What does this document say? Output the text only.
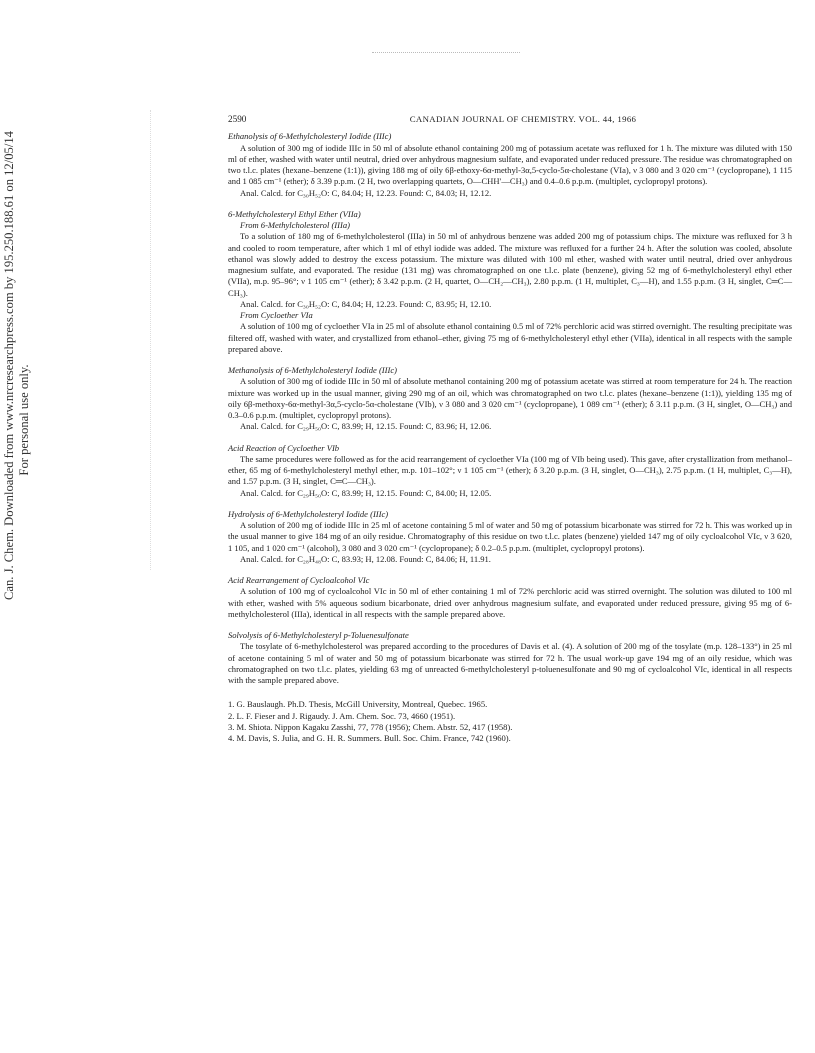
Can. J. Chem. Downloaded from www.nrcresearchpress.com by 195.250.188.61 on 12/05/14 For personal use only.
2590	CANADIAN JOURNAL OF CHEMISTRY. VOL. 44, 1966
Ethanolysis of 6-Methylcholesteryl Iodide (IIIc)

A solution of 300 mg of iodide IIIc in 50 ml of absolute ethanol containing 200 mg of potassium acetate was refluxed for 1 h. The mixture was diluted with 150 ml of ether, washed with water until neutral, dried over anhydrous magnesium sulfate, and evaporated under reduced pressure. The residue was chromatographed on two t.l.c. plates (hexane–benzene (1:1)), giving 188 mg of oily 6β-ethoxy-6α-methyl-3α,5-cyclo-5α-cholestane (VIa), ν 3 080 and 3 020 cm⁻¹ (cyclopropane), 1 115 and 1 085 cm⁻¹ (ether); δ 3.39 p.p.m. (2 H, two overlapping quartets, O—CHH′—CH₃) and 0.4–0.6 p.p.m. (multiplet, cyclopropyl protons).

Anal. Calcd. for C₃₀H₅₂O: C, 84.04; H, 12.23. Found: C, 84.03; H, 12.12.

6-Methylcholesteryl Ethyl Ether (VIIa)
From 6-Methylcholesterol (IIIa)

To a solution of 180 mg of 6-methylcholesterol (IIIa) in 50 ml of anhydrous benzene was added 200 mg of potassium chips. The mixture was refluxed for 3 h and cooled to room temperature, after which 1 ml of ethyl iodide was added. The mixture was refluxed for a further 24 h. After the solution was cooled, absolute ethanol was slowly added to destroy the excess potassium. The mixture was diluted with 100 ml ether, washed with water until neutral, dried over anhydrous magnesium sulfate, and evaporated. The residue (131 mg) was chromatographed on one t.l.c. plate (benzene), giving 52 mg of 6-methylcholesteryl ethyl ether (VIIa), m.p. 95–96°; ν 1 105 cm⁻¹ (ether); δ 3.42 p.p.m. (2 H, quartet, O—CH₂—CH₃), 2.80 p.p.m. (1 H, multiplet, C₃—H), and 1.55 p.p.m. (3 H, singlet, C═C—CH₃).

Anal. Calcd. for C₃₀H₅₂O: C, 84.04; H, 12.23. Found: C, 83.95; H, 12.10.

From Cycloether VIa

A solution of 100 mg of cycloether VIa in 25 ml of absolute ethanol containing 0.5 ml of 72% perchloric acid was stirred overnight. The resulting precipitate was filtered off, washed with water, and crystallized from ethanol–ether, giving 75 mg of 6-methylcholesteryl ethyl ether (VIIa), identical in all respects with the sample prepared above.

Methanolysis of 6-Methylcholesteryl Iodide (IIIc)

A solution of 300 mg of iodide IIIc in 50 ml of absolute methanol containing 200 mg of potassium acetate was stirred at room temperature for 24 h. The reaction mixture was worked up in the usual manner, giving 290 mg of an oil, which was chromatographed on two t.l.c. plates (hexane–benzene (1:1)), yielding 135 mg of oily 6β-methoxy-6α-methyl-3α,5-cyclo-5α-cholestane (VIb), ν 3 080 and 3 020 cm⁻¹ (cyclopropane), 1 089 cm⁻¹ (ether); δ 3.11 p.p.m. (3 H, singlet, O—CH₃) and 0.3–0.6 p.p.m. (multiplet, cyclopropyl protons).

Anal. Calcd. for C₂₉H₅₀O: C, 83.99; H, 12.15. Found: C, 83.96; H, 12.06.

Acid Reaction of Cycloether VIb

The same procedures were followed as for the acid rearrangement of cycloether VIa (100 mg of VIb being used). This gave, after crystallization from methanol–ether, 65 mg of 6-methylcholesteryl methyl ether, m.p. 101–102°; ν 1 105 cm⁻¹ (ether); δ 3.20 p.p.m. (3 H, singlet, O—CH₃), 2.75 p.p.m. (1 H, multiplet, C₃—H), and 1.57 p.p.m. (3 H, singlet, C═C—CH₃).

Anal. Calcd. for C₂₉H₅₀O: C, 83.99; H, 12.15. Found: C, 84.00; H, 12.05.

Hydrolysis of 6-Methylcholesteryl Iodide (IIIc)

A solution of 200 mg of iodide IIIc in 25 ml of acetone containing 5 ml of water and 50 mg of potassium bicarbonate was stirred for 72 h. This was worked up in the usual manner to give 184 mg of an oily residue. Chromatography of this residue on two t.l.c. plates (benzene) yielded 147 mg of oily cycloalcohol VIc, ν 3 620, 1 105, and 1 020 cm⁻¹ (alcohol), 3 080 and 3 020 cm⁻¹ (cyclopropane); δ 0.2–0.5 p.p.m. (multiplet, cyclopropyl protons).

Anal. Calcd. for C₂₈H₄₈O: C, 83.93; H, 12.08. Found: C, 84.06; H, 11.91.

Acid Rearrangement of Cycloalcohol VIc

A solution of 100 mg of cycloalcohol VIc in 50 ml of ether containing 1 ml of 72% perchloric acid was stirred overnight. The solution was diluted to 100 ml with ether, washed with 5% aqueous sodium bicarbonate, dried over anhydrous magnesium sulfate, and evaporated under reduced pressure, giving 95 mg of 6-methylcholesterol (IIIa), identical in all respects with the sample prepared above.

Solvolysis of 6-Methylcholesteryl p-Toluenesulfonate

The tosylate of 6-methylcholesterol was prepared according to the procedures of Davis et al. (4). A solution of 200 mg of the tosylate (m.p. 128–133°) in 25 ml of acetone containing 5 ml of water and 50 mg of potassium bicarbonate was stirred for 72 h. The usual work-up gave 194 mg of an oily residue, which was chromatographed on two t.l.c. plates, yielding 63 mg of unreacted 6-methylcholesteryl p-toluenesulfonate and 90 mg of cycloalcohol VIc, identical in all respects with the sample prepared above.

1. G. Bauslaugh. Ph.D. Thesis, McGill University, Montreal, Quebec. 1965.
2. L. F. Fieser and J. Rigaudy. J. Am. Chem. Soc. 73, 4660 (1951).
3. M. Shiota. Nippon Kagaku Zasshi, 77, 778 (1956); Chem. Abstr. 52, 417 (1958).
4. M. Davis, S. Julia, and G. H. R. Summers. Bull. Soc. Chim. France, 742 (1960).
